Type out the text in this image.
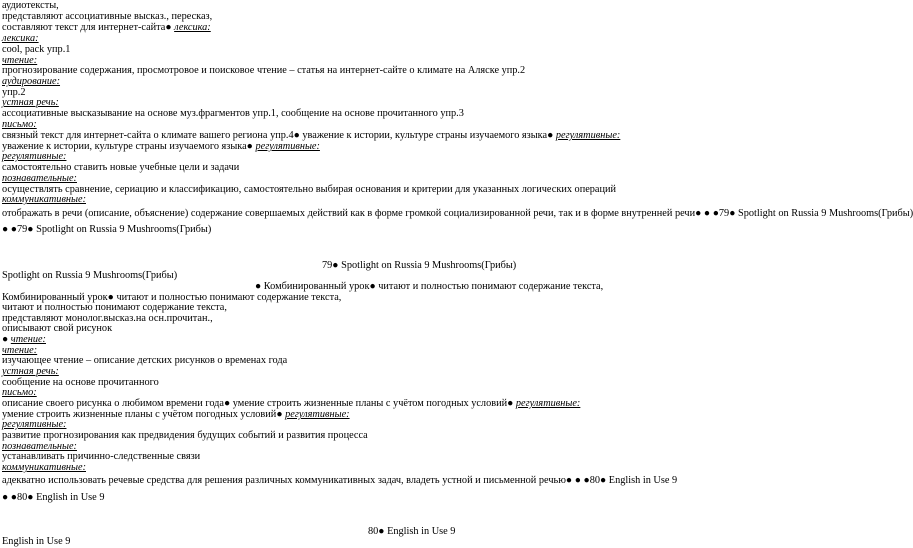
аудиотексты,
представляют ассоциативные высказ., пересказ,
составляют текст для интернет-сайта● лексика:
лексика:
cool, pack упр.1
чтение:
прогнозирование содержания, просмотровое и поисковое чтение – статья на интернет-сайте о климате на Аляске упр.2
аудирование:
упр.2
устная речь:
ассоциативные высказывание на основе муз.фрагментов упр.1, сообщение на основе прочитанного упр.3
письмо:
связный текст для интернет-сайта о климате вашего региона упр.4● уважение к истории, культуре страны изучаемого языка● регулятивные:
уважение к истории, культуре страны изучаемого языка● регулятивные:
регулятивные:
самостоятельно ставить новые учебные цели и задачи
познавательные:
осуществлять сравнение, сериацию и классификацию, самостоятельно выбирая основания и критерии для указанных логических операций
коммуникативные:
отображать в речи (описание, объяснение) содержание совершаемых действий как в форме громкой социализированной речи, так и в форме внутренней речи● ● ●79● Spotlight on Russia 9 Mushrooms(Грибы)
● ●79● Spotlight on Russia 9 Mushrooms(Грибы)
79● Spotlight on Russia 9 Mushrooms(Грибы)
Spotlight on Russia 9 Mushrooms(Грибы)
● Комбинированный урок● читают и полностью понимают содержание текста,
Комбинированный урок● читают и полностью понимают содержание текста,
читают и полностью понимают содержание текста,
представляют монолог.высказ.на осн.прочитан.,
описывают свой рисунок
● чтение:
чтение:
изучающее чтение – описание детских рисунков о временах года
устная речь:
сообщение на основе прочитанного
письмо:
описание своего рисунка о любимом времени года● умение строить жизненные планы с учётом погодных условий● регулятивные:
умение строить жизненные планы с учётом погодных условий● регулятивные:
регулятивные:
развитие прогнозирования как предвидения будущих событий и развития процесса
познавательные:
устанавливать причинно-следственные связи
коммуникативные:
адекватно использовать речевые средства для решения различных коммуникативных задач, владеть устной и письменной речью● ● ●80● English in Use 9
● ●80● English in Use 9
80● English in Use 9
English in Use 9
